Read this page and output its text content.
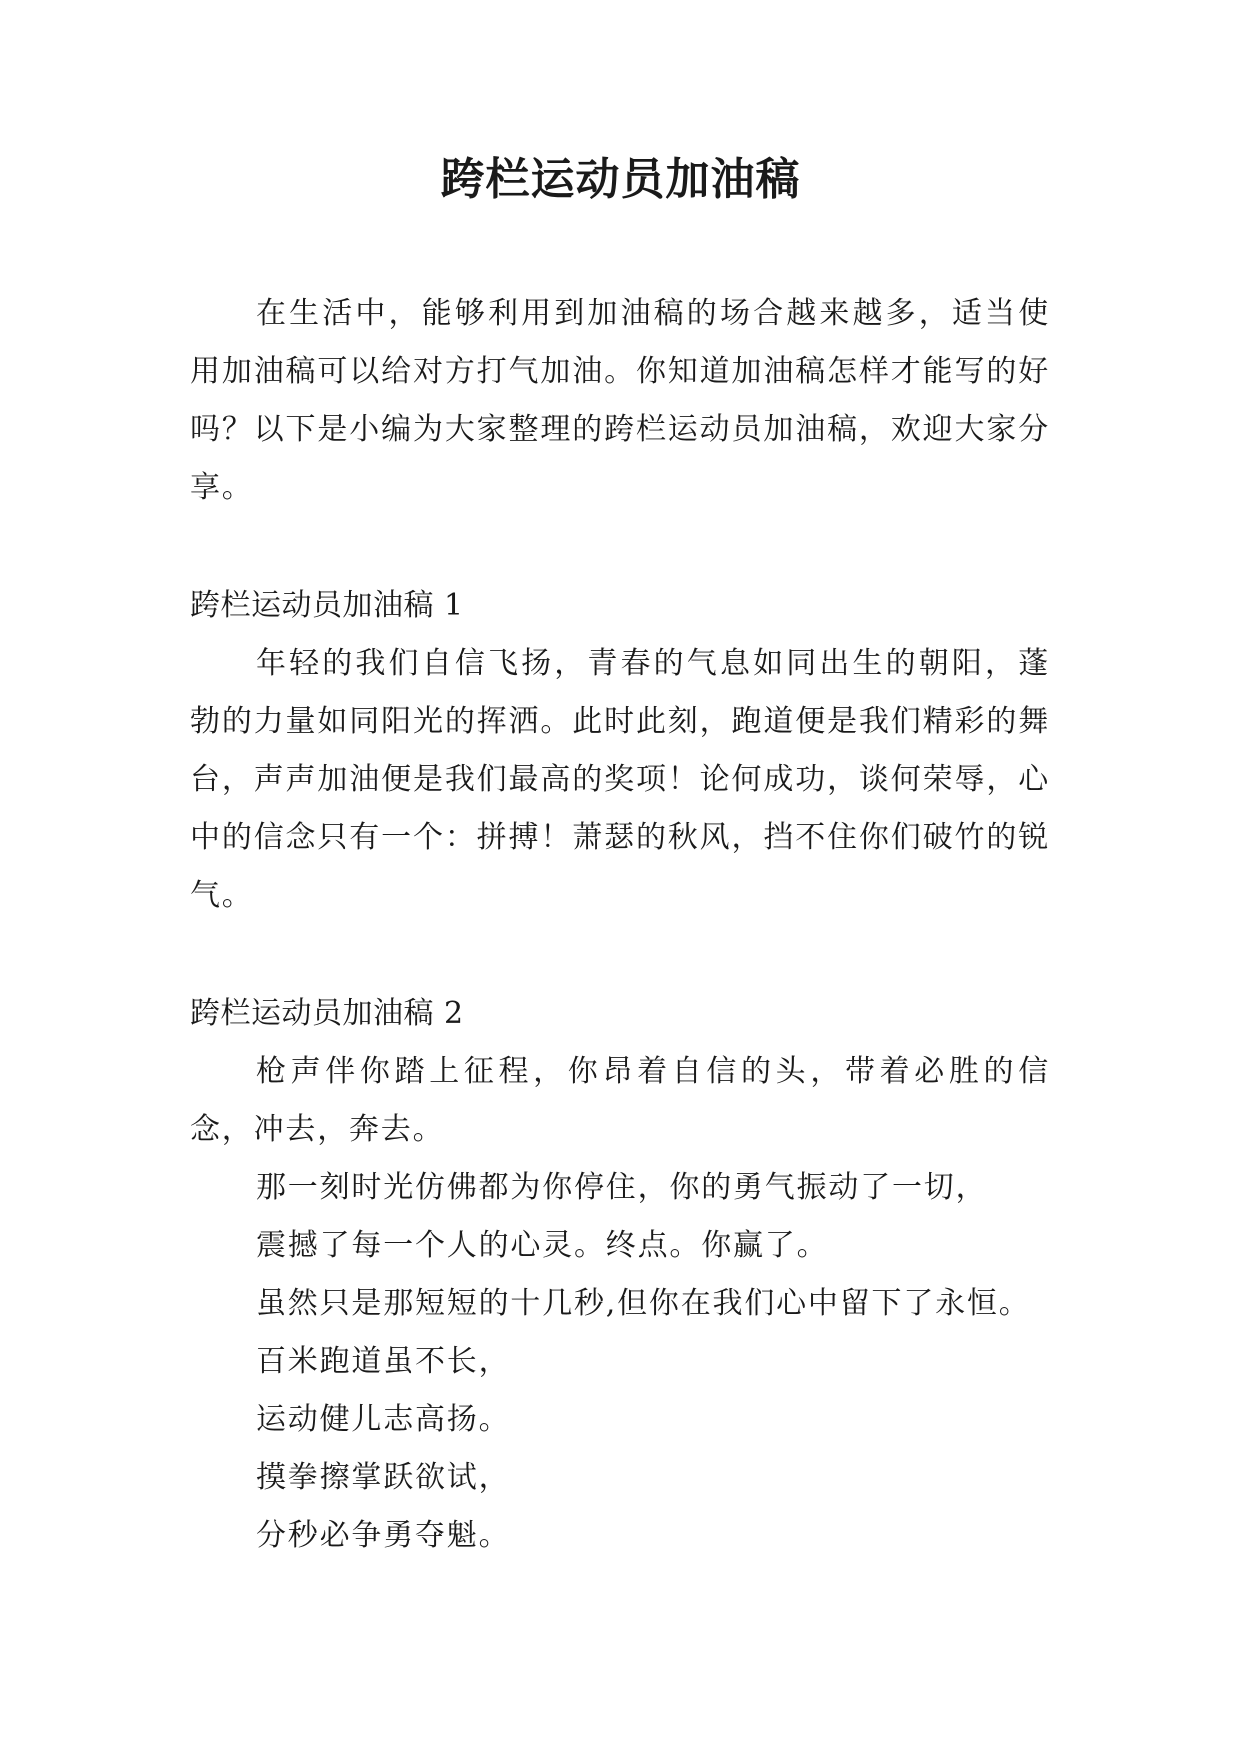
跨栏运动员加油稿

在生活中，能够利用到加油稿的场合越来越多，适当使用加油稿可以给对方打气加油。你知道加油稿怎样才能写的好吗？以下是小编为大家整理的跨栏运动员加油稿，欢迎大家分享。

跨栏运动员加油稿 1

年轻的我们自信飞扬，青春的气息如同出生的朝阳，蓬勃的力量如同阳光的挥洒。此时此刻，跑道便是我们精彩的舞台，声声加油便是我们最高的奖项！论何成功，谈何荣辱，心中的信念只有一个：拼搏！萧瑟的秋风，挡不住你们破竹的锐气。

跨栏运动员加油稿 2

枪声伴你踏上征程，你昂着自信的头，带着必胜的信念，冲去，奔去。

那一刻时光仿佛都为你停住，你的勇气振动了一切，

震撼了每一个人的心灵。终点。你赢了。

虽然只是那短短的十几秒,但你在我们心中留下了永恒。

百米跑道虽不长，

运动健儿志高扬。

摸拳擦掌跃欲试，

分秒必争勇夺魁。
